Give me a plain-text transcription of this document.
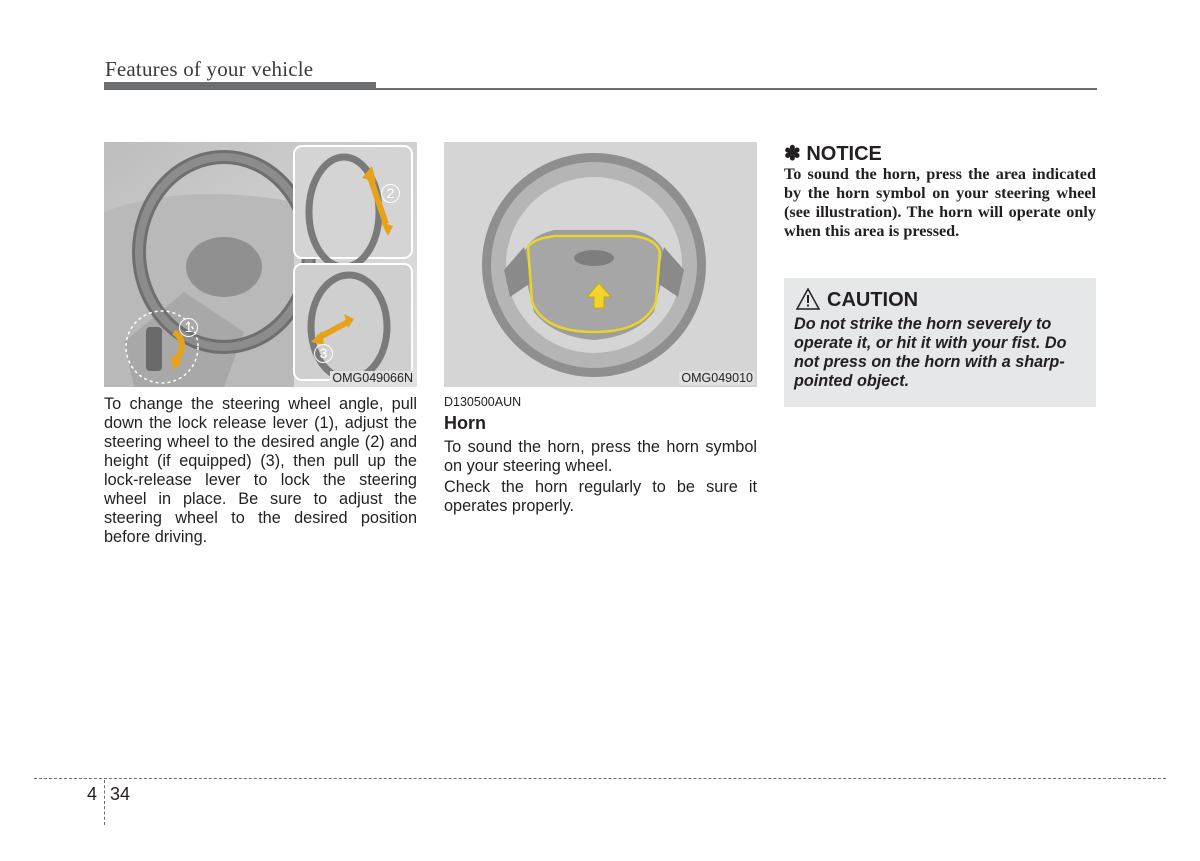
Features of your vehicle
1
2
3
OMG049066N
To change the steering wheel angle, pull down the lock release lever (1), adjust the steering wheel to the desired angle (2) and height (if equipped) (3), then pull up the lock-release lever to lock the steering wheel in place. Be sure to adjust the steering wheel to the desired position before driving.
OMG049010
D130500AUN
Horn
To sound the horn, press the horn symbol on your steering wheel.
Check the horn regularly to be sure it operates properly.
✽ NOTICE
To sound the horn, press the area indicated by the horn symbol on your steering wheel (see illustration). The horn will operate only when this area is pressed.
CAUTION
Do not strike the horn severely to operate it, or hit it with your fist. Do not press on the horn with a sharp-pointed object.
4 34
